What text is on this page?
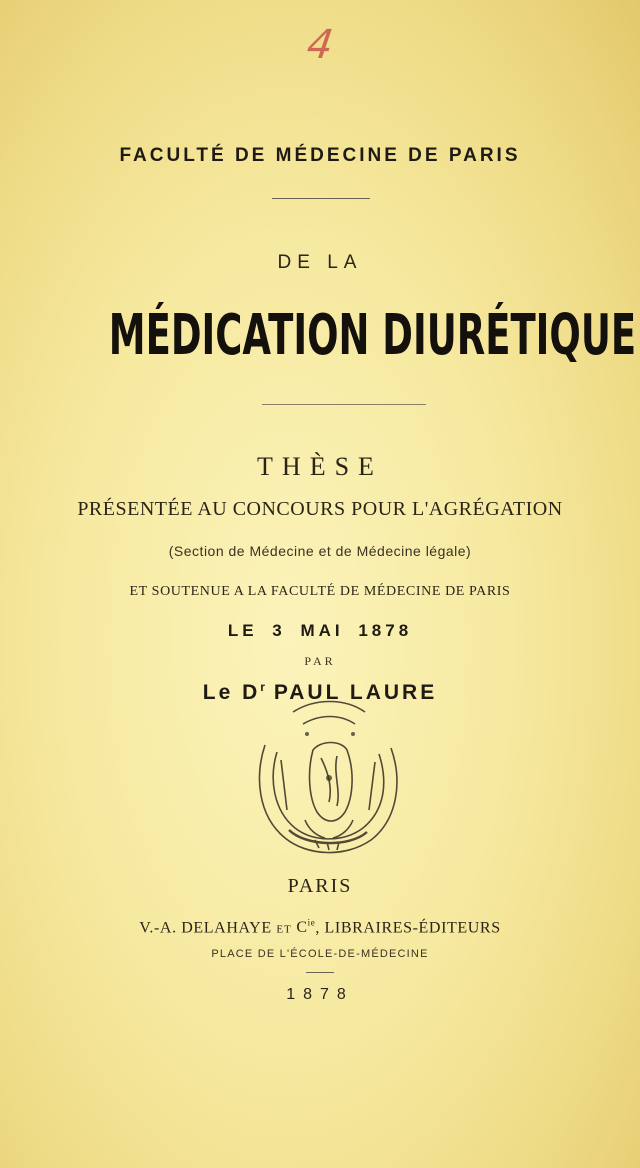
4
FACULTÉ DE MÉDECINE DE PARIS
DE LA
MÉDICATION DIURÉTIQUE
THÈSE
PRÉSENTÉE AU CONCOURS POUR L'AGRÉGATION
(Section de Médecine et de Médecine légale)
ET SOUTENUE A LA FACULTÉ DE MÉDECINE DE PARIS
LE 3 MAI 1878
PAR
Le $D^r$ PAUL LAURE
PARIS
V.-A. DELAHAYE ET $C^{ie}$, LIBRAIRES-ÉDITEURS
PLACE DE L'ÉCOLE-DE-MÉDECINE
1878
